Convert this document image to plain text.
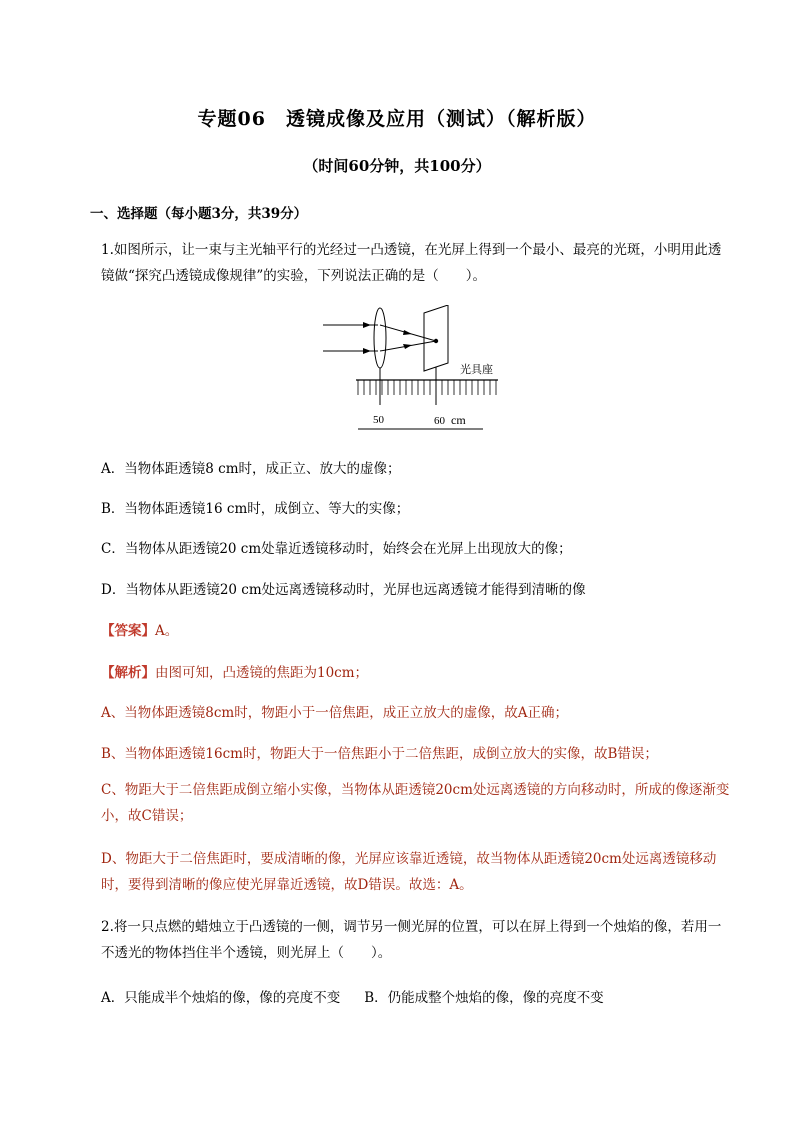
专题06　透镜成像及应用（测试）（解析版）
（时间60分钟，共100分）
一、选择题（每小题3分，共39分）
1.如图所示，让一束与主光轴平行的光经过一凸透镜，在光屏上得到一个最小、最亮的光斑，小明用此透镜做“探究凸透镜成像规律”的实验，下列说法正确的是（　　）。
光具座
50	60 cm
A．当物体距透镜8 cm时，成正立、放大的虚像；
B．当物体距透镜16 cm时，成倒立、等大的实像；
C．当物体从距透镜20 cm处靠近透镜移动时，始终会在光屏上出现放大的像；
D．当物体从距透镜20 cm处远离透镜移动时，光屏也远离透镜才能得到清晰的像
【答案】A。
【解析】由图可知，凸透镜的焦距为10cm；
A、当物体距透镜8cm时，物距小于一倍焦距，成正立放大的虚像，故A正确；
B、当物体距透镜16cm时，物距大于一倍焦距小于二倍焦距，成倒立放大的实像，故B错误；
C、物距大于二倍焦距成倒立缩小实像，当物体从距透镜20cm处远离透镜的方向移动时，所成的像逐渐变小，故C错误；
D、物距大于二倍焦距时，要成清晰的像，光屏应该靠近透镜，故当物体从距透镜20cm处远离透镜移动时，要得到清晰的像应使光屏靠近透镜，故D错误。故选：A。
2.将一只点燃的蜡烛立于凸透镜的一侧，调节另一侧光屏的位置，可以在屏上得到一个烛焰的像，若用一不透光的物体挡住半个透镜，则光屏上（　　）。
A．只能成半个烛焰的像，像的亮度不变 B．仍能成整个烛焰的像，像的亮度不变
